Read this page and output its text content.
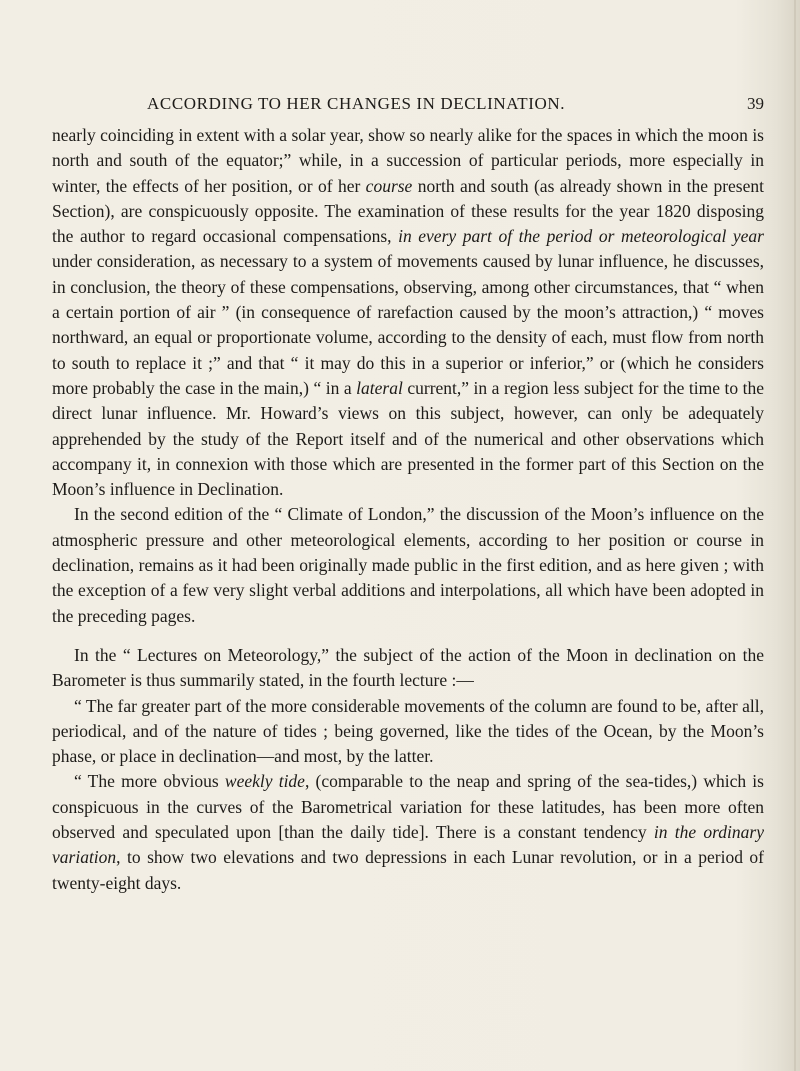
ACCORDING TO HER CHANGES IN DECLINATION.	39

nearly coinciding in extent with a solar year, show so nearly alike for the spaces in which the moon is north and south of the equator;” while, in a succession of particular periods, more especially in winter, the effects of her position, or of her course north and south (as already shown in the present Section), are conspicuously opposite. The examination of these results for the year 1820 disposing the author to regard occasional compensations, in every part of the period or meteorological year under consideration, as necessary to a system of movements caused by lunar influence, he discusses, in conclusion, the theory of these compensations, observing, among other circumstances, that “ when a certain portion of air ” (in consequence of rarefaction caused by the moon’s attraction,) “ moves northward, an equal or proportionate volume, according to the density of each, must flow from north to south to replace it ;” and that “ it may do this in a superior or inferior,” or (which he considers more probably the case in the main,) “ in a lateral current,” in a region less subject for the time to the direct lunar influence. Mr. Howard’s views on this subject, however, can only be adequately apprehended by the study of the Report itself and of the numerical and other observations which accompany it, in connexion with those which are presented in the former part of this Section on the Moon’s influence in Declination.

In the second edition of the “ Climate of London,” the discussion of the Moon’s influence on the atmospheric pressure and other meteorological elements, according to her position or course in declination, remains as it had been originally made public in the first edition, and as here given ; with the exception of a few very slight verbal additions and interpolations, all which have been adopted in the preceding pages.

In the “ Lectures on Meteorology,” the subject of the action of the Moon in declination on the Barometer is thus summarily stated, in the fourth lecture :—

“ The far greater part of the more considerable movements of the column are found to be, after all, periodical, and of the nature of tides ; being governed, like the tides of the Ocean, by the Moon’s phase, or place in declination—and most, by the latter.

“ The more obvious weekly tide, (comparable to the neap and spring of the sea-tides,) which is conspicuous in the curves of the Barometrical variation for these latitudes, has been more often observed and speculated upon [than the daily tide]. There is a constant tendency in the ordinary variation, to show two elevations and two depressions in each Lunar revolution, or in a period of twenty-eight days.
